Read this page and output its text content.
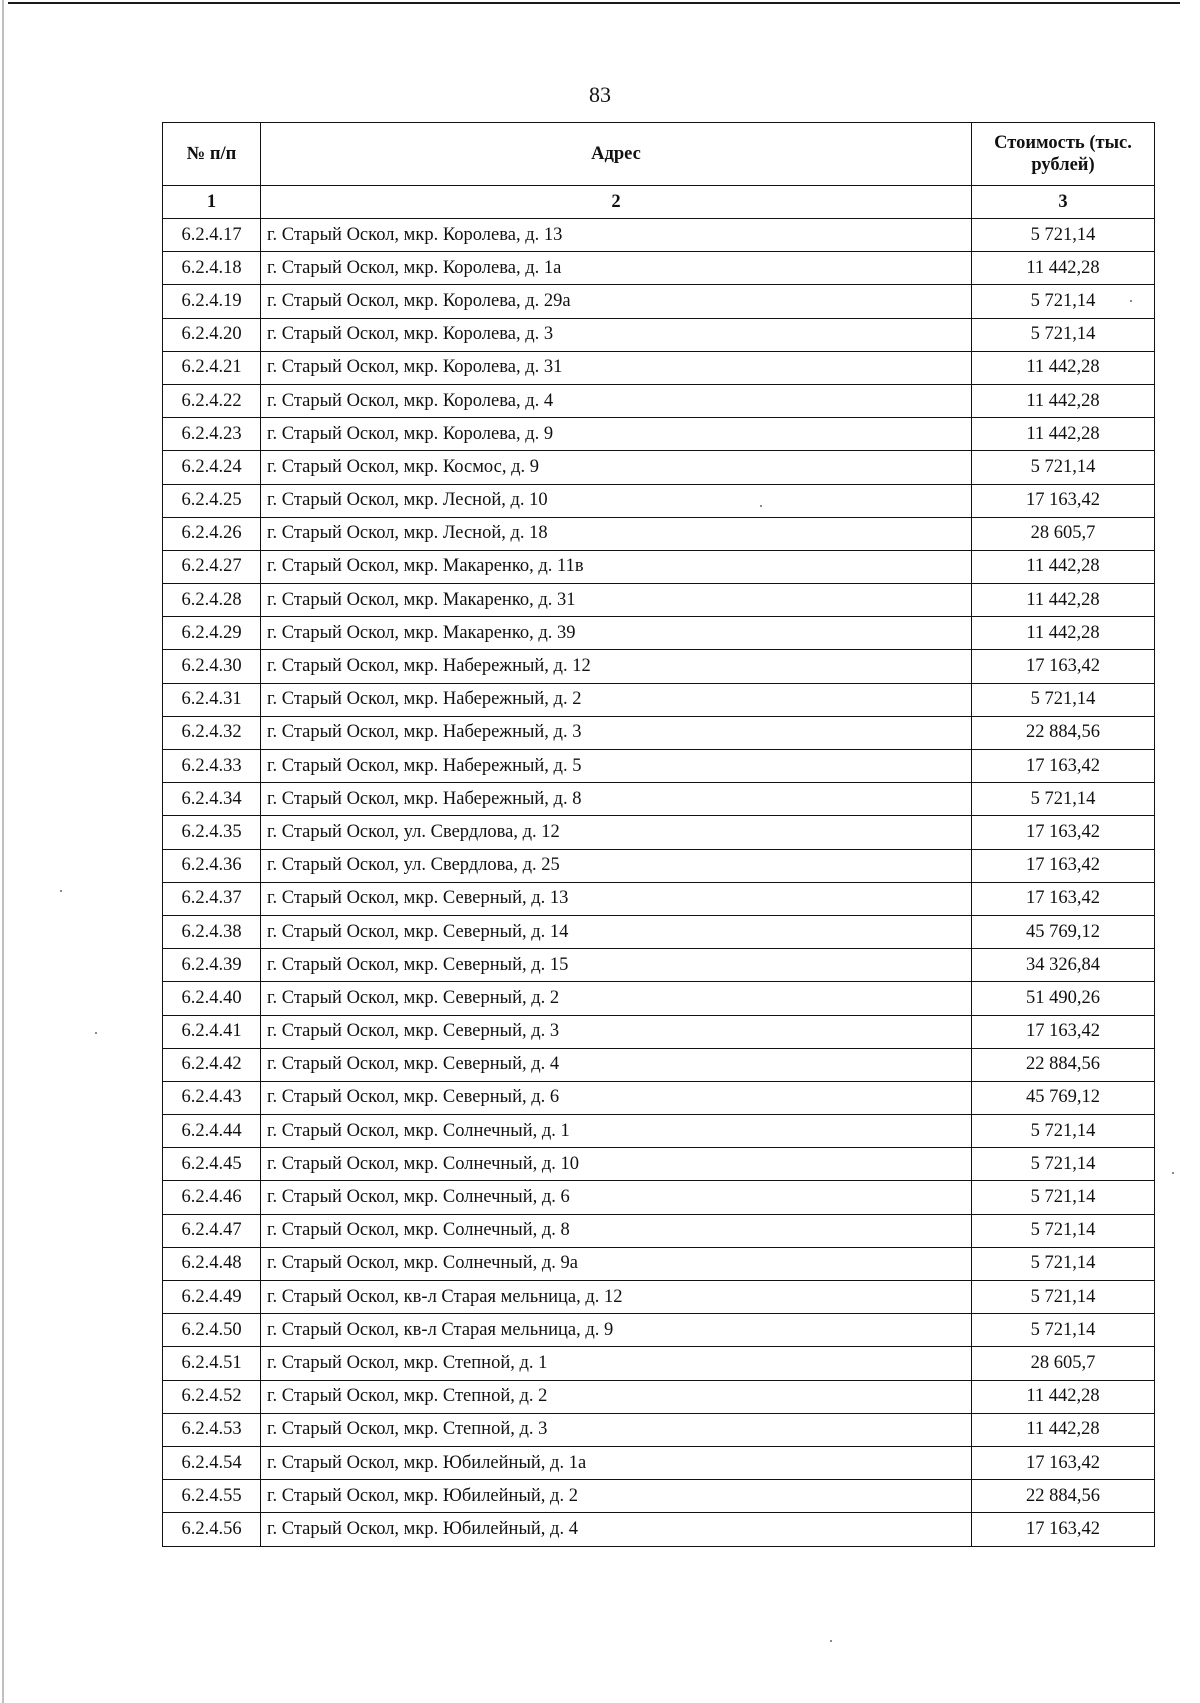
83
№ п/п	Адрес	Стоимость (тыс. рублей)
1	2	3
6.2.4.17	г. Старый Оскол, мкр. Королева, д. 13	5 721,14
6.2.4.18	г. Старый Оскол, мкр. Королева, д. 1а	11 442,28
6.2.4.19	г. Старый Оскол, мкр. Королева, д. 29а	5 721,14
6.2.4.20	г. Старый Оскол, мкр. Королева, д. 3	5 721,14
6.2.4.21	г. Старый Оскол, мкр. Королева, д. 31	11 442,28
6.2.4.22	г. Старый Оскол, мкр. Королева, д. 4	11 442,28
6.2.4.23	г. Старый Оскол, мкр. Королева, д. 9	11 442,28
6.2.4.24	г. Старый Оскол, мкр. Космос, д. 9	5 721,14
6.2.4.25	г. Старый Оскол, мкр. Лесной, д. 10	17 163,42
6.2.4.26	г. Старый Оскол, мкр. Лесной, д. 18	28 605,7
6.2.4.27	г. Старый Оскол, мкр. Макаренко, д. 11в	11 442,28
6.2.4.28	г. Старый Оскол, мкр. Макаренко, д. 31	11 442,28
6.2.4.29	г. Старый Оскол, мкр. Макаренко, д. 39	11 442,28
6.2.4.30	г. Старый Оскол, мкр. Набережный, д. 12	17 163,42
6.2.4.31	г. Старый Оскол, мкр. Набережный, д. 2	5 721,14
6.2.4.32	г. Старый Оскол, мкр. Набережный, д. 3	22 884,56
6.2.4.33	г. Старый Оскол, мкр. Набережный, д. 5	17 163,42
6.2.4.34	г. Старый Оскол, мкр. Набережный, д. 8	5 721,14
6.2.4.35	г. Старый Оскол, ул. Свердлова, д. 12	17 163,42
6.2.4.36	г. Старый Оскол, ул. Свердлова, д. 25	17 163,42
6.2.4.37	г. Старый Оскол, мкр. Северный, д. 13	17 163,42
6.2.4.38	г. Старый Оскол, мкр. Северный, д. 14	45 769,12
6.2.4.39	г. Старый Оскол, мкр. Северный, д. 15	34 326,84
6.2.4.40	г. Старый Оскол, мкр. Северный, д. 2	51 490,26
6.2.4.41	г. Старый Оскол, мкр. Северный, д. 3	17 163,42
6.2.4.42	г. Старый Оскол, мкр. Северный, д. 4	22 884,56
6.2.4.43	г. Старый Оскол, мкр. Северный, д. 6	45 769,12
6.2.4.44	г. Старый Оскол, мкр. Солнечный, д. 1	5 721,14
6.2.4.45	г. Старый Оскол, мкр. Солнечный, д. 10	5 721,14
6.2.4.46	г. Старый Оскол, мкр. Солнечный, д. 6	5 721,14
6.2.4.47	г. Старый Оскол, мкр. Солнечный, д. 8	5 721,14
6.2.4.48	г. Старый Оскол, мкр. Солнечный, д. 9а	5 721,14
6.2.4.49	г. Старый Оскол, кв-л Старая мельница, д. 12	5 721,14
6.2.4.50	г. Старый Оскол, кв-л Старая мельница, д. 9	5 721,14
6.2.4.51	г. Старый Оскол, мкр. Степной, д. 1	28 605,7
6.2.4.52	г. Старый Оскол, мкр. Степной, д. 2	11 442,28
6.2.4.53	г. Старый Оскол, мкр. Степной, д. 3	11 442,28
6.2.4.54	г. Старый Оскол, мкр. Юбилейный, д. 1а	17 163,42
6.2.4.55	г. Старый Оскол, мкр. Юбилейный, д. 2	22 884,56
6.2.4.56	г. Старый Оскол, мкр. Юбилейный, д. 4	17 163,42
